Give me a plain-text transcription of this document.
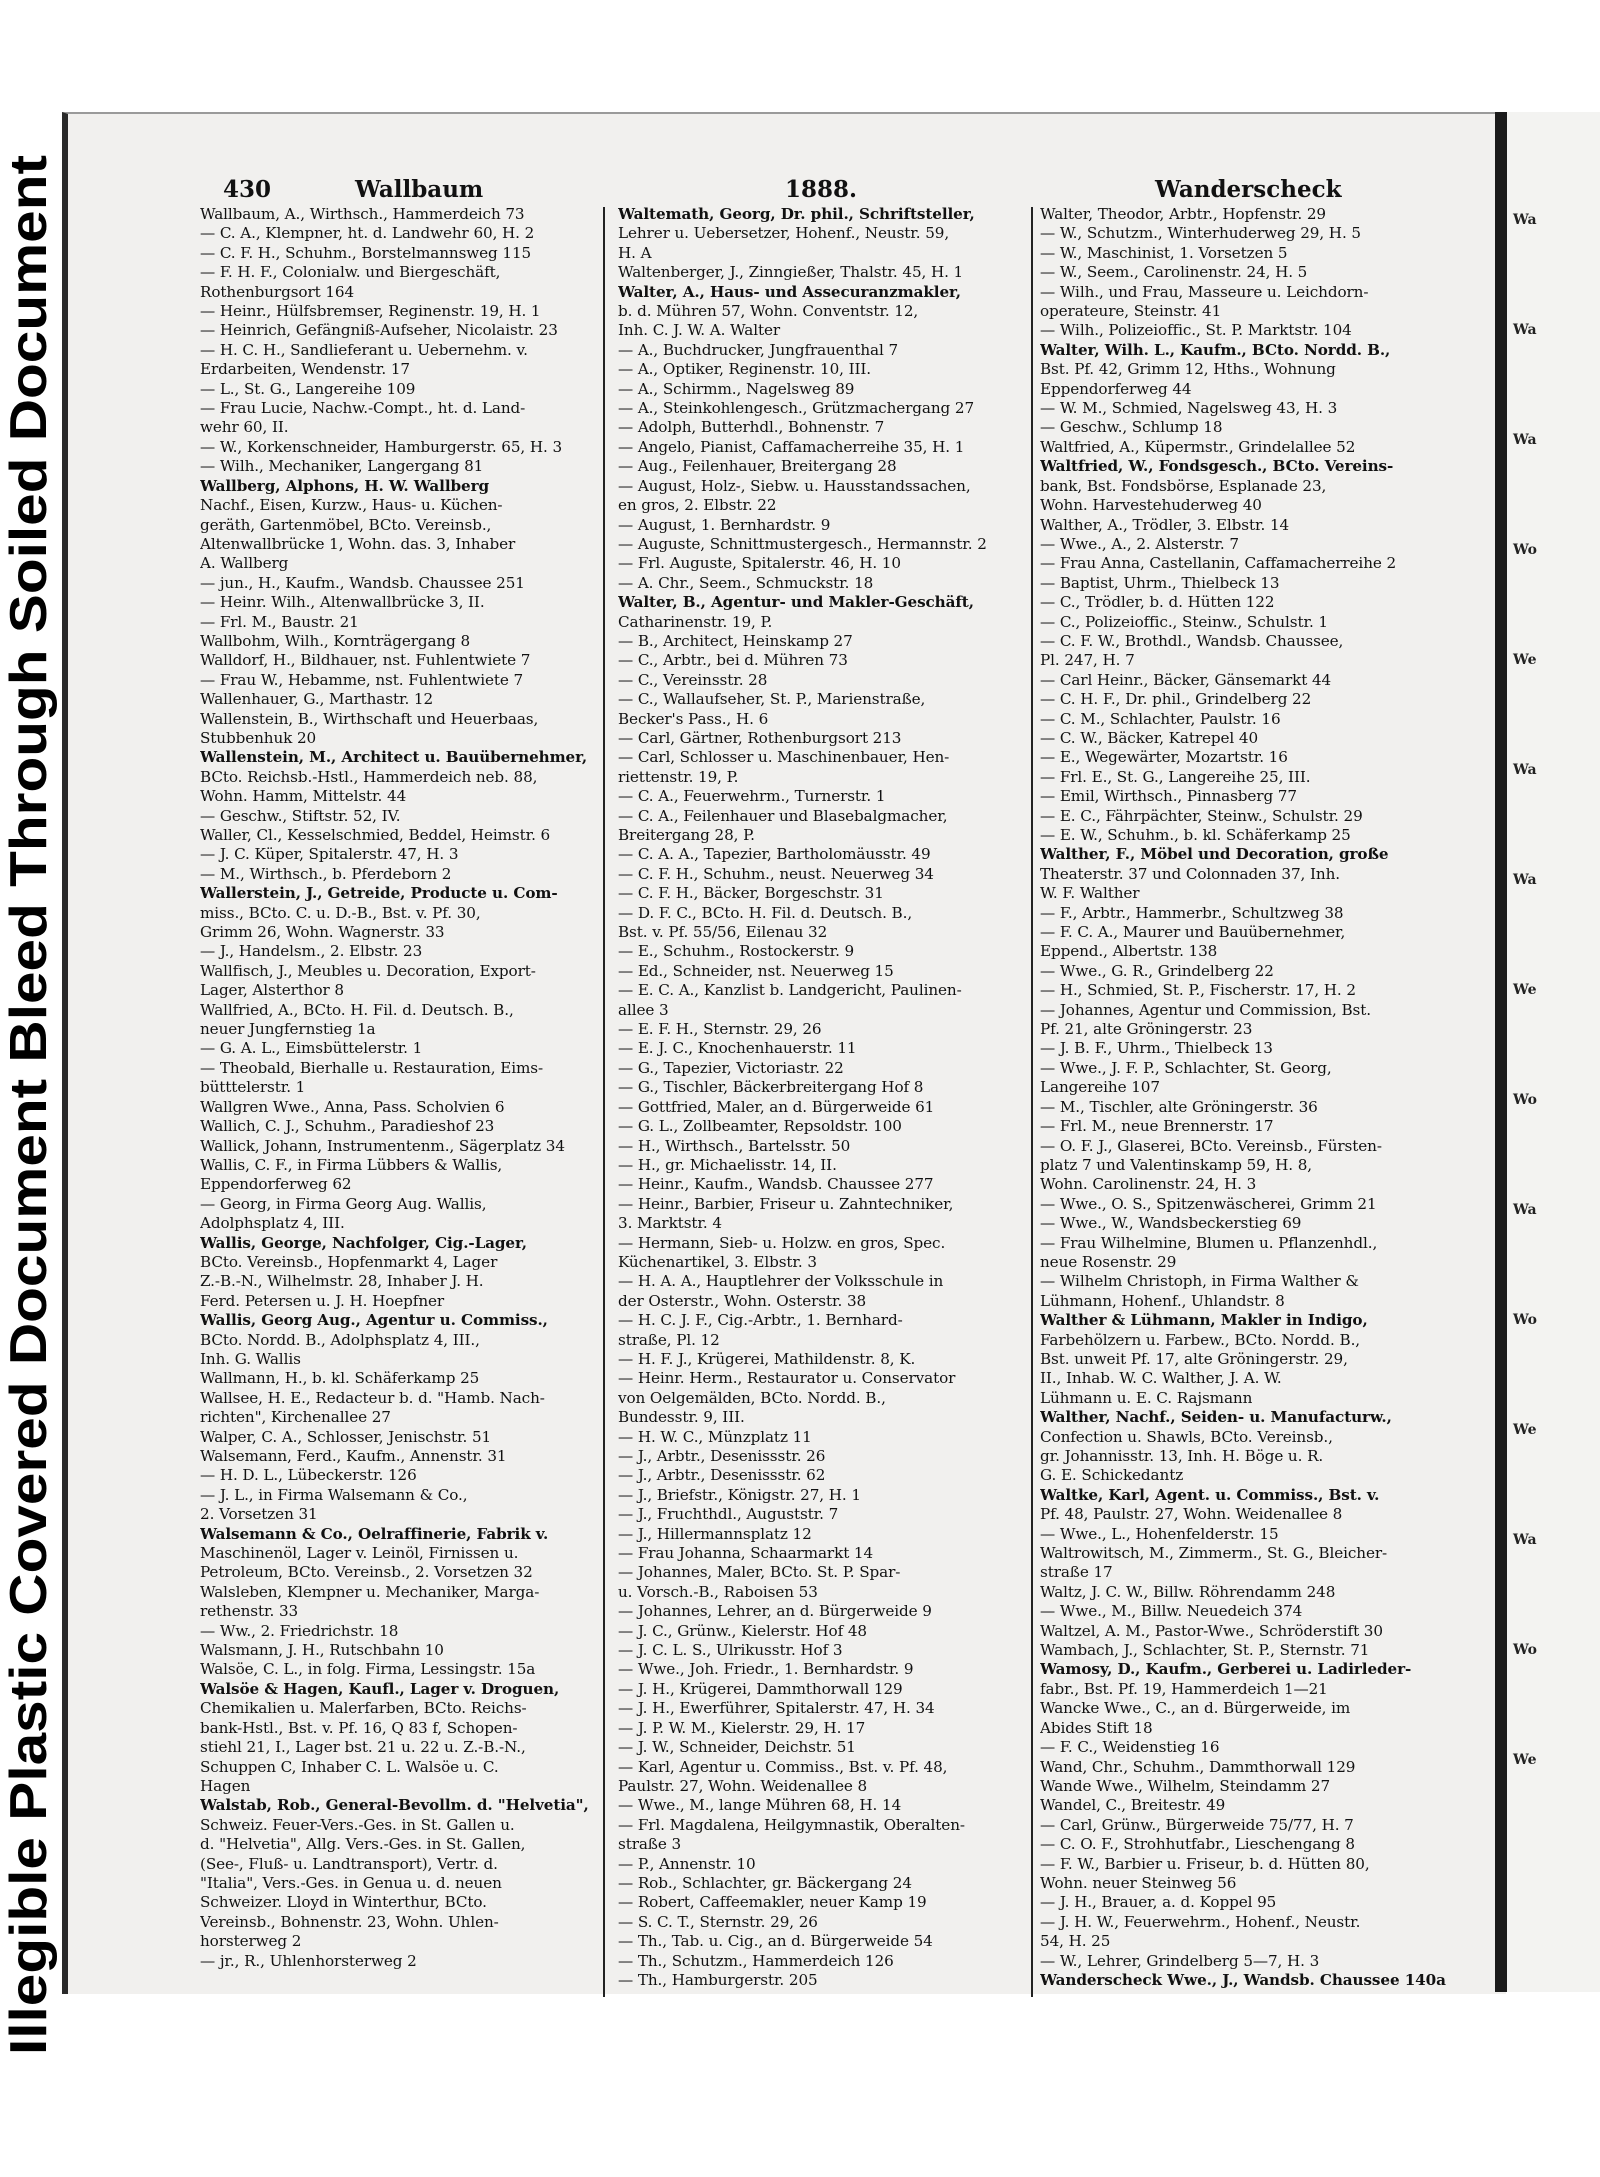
Illegible Plastic Covered Document Bleed Through Soiled Document
Wa
Wa
Wa
Wo
We
Wa
Wa
We
Wo
Wa
Wo
We
Wa
Wo
We
430	Wallbaum	1888.	Wanderscheck
Wallbaum, A., Wirthsch., Hammerdeich 73
— C. A., Klempner, ht. d. Landwehr 60, H. 2
— C. F. H., Schuhm., Borstelmannsweg 115
— F. H. F., Colonialw. und Biergeschäft,
Rothenburgsort 164
— Heinr., Hülfsbremser, Reginenstr. 19, H. 1
— Heinrich, Gefängniß-Aufseher, Nicolaistr. 23
— H. C. H., Sandlieferant u. Uebernehm. v.
Erdarbeiten, Wendenstr. 17
— L., St. G., Langereihe 109
— Frau Lucie, Nachw.-Compt., ht. d. Land-
wehr 60, II.
— W., Korkenschneider, Hamburgerstr. 65, H. 3
— Wilh., Mechaniker, Langergang 81
Wallberg, Alphons, H. W. Wallberg
Nachf., Eisen, Kurzw., Haus- u. Küchen-
geräth, Gartenmöbel, BCto. Vereinsb.,
Altenwallbrücke 1, Wohn. das. 3, Inhaber
A. Wallberg
— jun., H., Kaufm., Wandsb. Chaussee 251
— Heinr. Wilh., Altenwallbrücke 3, II.
— Frl. M., Baustr. 21
Wallbohm, Wilh., Kornträgergang 8
Walldorf, H., Bildhauer, nst. Fuhlentwiete 7
— Frau W., Hebamme, nst. Fuhlentwiete 7
Wallenhauer, G., Marthastr. 12
Wallenstein, B., Wirthschaft und Heuerbaas,
Stubbenhuk 20
Wallenstein, M., Architect u. Bauübernehmer,
BCto. Reichsb.-Hstl., Hammerdeich neb. 88,
Wohn. Hamm, Mittelstr. 44
— Geschw., Stiftstr. 52, IV.
Waller, Cl., Kesselschmied, Beddel, Heimstr. 6
— J. C. Küper, Spitalerstr. 47, H. 3
— M., Wirthsch., b. Pferdeborn 2
Wallerstein, J., Getreide, Producte u. Com-
miss., BCto. C. u. D.-B., Bst. v. Pf. 30,
Grimm 26, Wohn. Wagnerstr. 33
— J., Handelsm., 2. Elbstr. 23
Wallfisch, J., Meubles u. Decoration, Export-
Lager, Alsterthor 8
Wallfried, A., BCto. H. Fil. d. Deutsch. B.,
neuer Jungfernstieg 1a
— G. A. L., Eimsbüttelerstr. 1
— Theobald, Bierhalle u. Restauration, Eims-
bütttelerstr. 1
Wallgren Wwe., Anna, Pass. Scholvien 6
Wallich, C. J., Schuhm., Paradieshof 23
Wallick, Johann, Instrumentenm., Sägerplatz 34
Wallis, C. F., in Firma Lübbers & Wallis,
Eppendorferweg 62
— Georg, in Firma Georg Aug. Wallis,
Adolphsplatz 4, III.
Wallis, George, Nachfolger, Cig.-Lager,
BCto. Vereinsb., Hopfenmarkt 4, Lager
Z.-B.-N., Wilhelmstr. 28, Inhaber J. H.
Ferd. Petersen u. J. H. Hoepfner
Wallis, Georg Aug., Agentur u. Commiss.,
BCto. Nordd. B., Adolphsplatz 4, III.,
Inh. G. Wallis
Wallmann, H., b. kl. Schäferkamp 25
Wallsee, H. E., Redacteur b. d. "Hamb. Nach-
richten", Kirchenallee 27
Walper, C. A., Schlosser, Jenischstr. 51
Walsemann, Ferd., Kaufm., Annenstr. 31
— H. D. L., Lübeckerstr. 126
— J. L., in Firma Walsemann & Co.,
2. Vorsetzen 31
Walsemann & Co., Oelraffinerie, Fabrik v.
Maschinenöl, Lager v. Leinöl, Firnissen u.
Petroleum, BCto. Vereinsb., 2. Vorsetzen 32
Walsleben, Klempner u. Mechaniker, Marga-
rethenstr. 33
— Ww., 2. Friedrichstr. 18
Walsmann, J. H., Rutschbahn 10
Walsöe, C. L., in folg. Firma, Lessingstr. 15a
Walsöe & Hagen, Kaufl., Lager v. Droguen,
Chemikalien u. Malerfarben, BCto. Reichs-
bank-Hstl., Bst. v. Pf. 16, Q 83 f, Schopen-
stiehl 21, I., Lager bst. 21 u. 22 u. Z.-B.-N.,
Schuppen C, Inhaber C. L. Walsöe u. C.
Hagen
Walstab, Rob., General-Bevollm. d. "Helvetia",
Schweiz. Feuer-Vers.-Ges. in St. Gallen u.
d. "Helvetia", Allg. Vers.-Ges. in St. Gallen,
(See-, Fluß- u. Landtransport), Vertr. d.
"Italia", Vers.-Ges. in Genua u. d. neuen
Schweizer. Lloyd in Winterthur, BCto.
Vereinsb., Bohnenstr. 23, Wohn. Uhlen-
horsterweg 2
— jr., R., Uhlenhorsterweg 2
Waltemath, Georg, Dr. phil., Schriftsteller,
Lehrer u. Uebersetzer, Hohenf., Neustr. 59,
H. A
Waltenberger, J., Zinngießer, Thalstr. 45, H. 1
Walter, A., Haus- und Assecuranzmakler,
b. d. Mühren 57, Wohn. Conventstr. 12,
Inh. C. J. W. A. Walter
— A., Buchdrucker, Jungfrauenthal 7
— A., Optiker, Reginenstr. 10, III.
— A., Schirmm., Nagelsweg 89
— A., Steinkohlengesch., Grützmachergang 27
— Adolph, Butterhdl., Bohnenstr. 7
— Angelo, Pianist, Caffamacherreihe 35, H. 1
— Aug., Feilenhauer, Breitergang 28
— August, Holz-, Siebw. u. Hausstandssachen,
en gros, 2. Elbstr. 22
— August, 1. Bernhardstr. 9
— Auguste, Schnittmustergesch., Hermannstr. 2
— Frl. Auguste, Spitalerstr. 46, H. 10
— A. Chr., Seem., Schmuckstr. 18
Walter, B., Agentur- und Makler-Geschäft,
Catharinenstr. 19, P.
— B., Architect, Heinskamp 27
— C., Arbtr., bei d. Mühren 73
— C., Vereinsstr. 28
— C., Wallaufseher, St. P., Marienstraße,
Becker's Pass., H. 6
— Carl, Gärtner, Rothenburgsort 213
— Carl, Schlosser u. Maschinenbauer, Hen-
riettenstr. 19, P.
— C. A., Feuerwehrm., Turnerstr. 1
— C. A., Feilenhauer und Blasebalgmacher,
Breitergang 28, P.
— C. A. A., Tapezier, Bartholomäusstr. 49
— C. F. H., Schuhm., neust. Neuerweg 34
— C. F. H., Bäcker, Borgeschstr. 31
— D. F. C., BCto. H. Fil. d. Deutsch. B.,
Bst. v. Pf. 55/56, Eilenau 32
— E., Schuhm., Rostockerstr. 9
— Ed., Schneider, nst. Neuerweg 15
— E. C. A., Kanzlist b. Landgericht, Paulinen-
allee 3
— E. F. H., Sternstr. 29, 26
— E. J. C., Knochenhauerstr. 11
— G., Tapezier, Victoriastr. 22
— G., Tischler, Bäckerbreitergang Hof 8
— Gottfried, Maler, an d. Bürgerweide 61
— G. L., Zollbeamter, Repsoldstr. 100
— H., Wirthsch., Bartelsstr. 50
— H., gr. Michaelisstr. 14, II.
— Heinr., Kaufm., Wandsb. Chaussee 277
— Heinr., Barbier, Friseur u. Zahntechniker,
3. Marktstr. 4
— Hermann, Sieb- u. Holzw. en gros, Spec.
Küchenartikel, 3. Elbstr. 3
— H. A. A., Hauptlehrer der Volksschule in
der Osterstr., Wohn. Osterstr. 38
— H. C. J. F., Cig.-Arbtr., 1. Bernhard-
straße, Pl. 12
— H. F. J., Krügerei, Mathildenstr. 8, K.
— Heinr. Herm., Restaurator u. Conservator
von Oelgemälden, BCto. Nordd. B.,
Bundesstr. 9, III.
— H. W. C., Münzplatz 11
— J., Arbtr., Desenissstr. 26
— J., Arbtr., Desenissstr. 62
— J., Briefstr., Königstr. 27, H. 1
— J., Fruchthdl., Auguststr. 7
— J., Hillermannsplatz 12
— Frau Johanna, Schaarmarkt 14
— Johannes, Maler, BCto. St. P. Spar-
u. Vorsch.-B., Raboisen 53
— Johannes, Lehrer, an d. Bürgerweide 9
— J. C., Grünw., Kielerstr. Hof 48
— J. C. L. S., Ulrikusstr. Hof 3
— Wwe., Joh. Friedr., 1. Bernhardstr. 9
— J. H., Krügerei, Dammthorwall 129
— J. H., Ewerführer, Spitalerstr. 47, H. 34
— J. P. W. M., Kielerstr. 29, H. 17
— J. W., Schneider, Deichstr. 51
— Karl, Agentur u. Commiss., Bst. v. Pf. 48,
Paulstr. 27, Wohn. Weidenallee 8
— Wwe., M., lange Mühren 68, H. 14
— Frl. Magdalena, Heilgymnastik, Oberalten-
straße 3
— P., Annenstr. 10
— Rob., Schlachter, gr. Bäckergang 24
— Robert, Caffeemakler, neuer Kamp 19
— S. C. T., Sternstr. 29, 26
— Th., Tab. u. Cig., an d. Bürgerweide 54
— Th., Schutzm., Hammerdeich 126
— Th., Hamburgerstr. 205
Walter, Theodor, Arbtr., Hopfenstr. 29
— W., Schutzm., Winterhuderweg 29, H. 5
— W., Maschinist, 1. Vorsetzen 5
— W., Seem., Carolinenstr. 24, H. 5
— Wilh., und Frau, Masseure u. Leichdorn-
operateure, Steinstr. 41
— Wilh., Polizeioffic., St. P. Marktstr. 104
Walter, Wilh. L., Kaufm., BCto. Nordd. B.,
Bst. Pf. 42, Grimm 12, Hths., Wohnung
Eppendorferweg 44
— W. M., Schmied, Nagelsweg 43, H. 3
— Geschw., Schlump 18
Waltfried, A., Küpermstr., Grindelallee 52
Waltfried, W., Fondsgesch., BCto. Vereins-
bank, Bst. Fondsbörse, Esplanade 23,
Wohn. Harvestehuderweg 40
Walther, A., Trödler, 3. Elbstr. 14
— Wwe., A., 2. Alsterstr. 7
— Frau Anna, Castellanin, Caffamacherreihe 2
— Baptist, Uhrm., Thielbeck 13
— C., Trödler, b. d. Hütten 122
— C., Polizeioffic., Steinw., Schulstr. 1
— C. F. W., Brothdl., Wandsb. Chaussee,
Pl. 247, H. 7
— Carl Heinr., Bäcker, Gänsemarkt 44
— C. H. F., Dr. phil., Grindelberg 22
— C. M., Schlachter, Paulstr. 16
— C. W., Bäcker, Katrepel 40
— E., Wegewärter, Mozartstr. 16
— Frl. E., St. G., Langereihe 25, III.
— Emil, Wirthsch., Pinnasberg 77
— E. C., Fährpächter, Steinw., Schulstr. 29
— E. W., Schuhm., b. kl. Schäferkamp 25
Walther, F., Möbel und Decoration, große
Theaterstr. 37 und Colonnaden 37, Inh.
W. F. Walther
— F., Arbtr., Hammerbr., Schultzweg 38
— F. C. A., Maurer und Bauübernehmer,
Eppend., Albertstr. 138
— Wwe., G. R., Grindelberg 22
— H., Schmied, St. P., Fischerstr. 17, H. 2
— Johannes, Agentur und Commission, Bst.
Pf. 21, alte Gröningerstr. 23
— J. B. F., Uhrm., Thielbeck 13
— Wwe., J. F. P., Schlachter, St. Georg,
Langereihe 107
— M., Tischler, alte Gröningerstr. 36
— Frl. M., neue Brennerstr. 17
— O. F. J., Glaserei, BCto. Vereinsb., Fürsten-
platz 7 und Valentinskamp 59, H. 8,
Wohn. Carolinenstr. 24, H. 3
— Wwe., O. S., Spitzenwäscherei, Grimm 21
— Wwe., W., Wandsbeckerstieg 69
— Frau Wilhelmine, Blumen u. Pflanzenhdl.,
neue Rosenstr. 29
— Wilhelm Christoph, in Firma Walther &
Lühmann, Hohenf., Uhlandstr. 8
Walther & Lühmann, Makler in Indigo,
Farbehölzern u. Farbew., BCto. Nordd. B.,
Bst. unweit Pf. 17, alte Gröningerstr. 29,
II., Inhab. W. C. Walther, J. A. W.
Lühmann u. E. C. Rajsmann
Walther, Nachf., Seiden- u. Manufacturw.,
Confection u. Shawls, BCto. Vereinsb.,
gr. Johannisstr. 13, Inh. H. Böge u. R.
G. E. Schickedantz
Waltke, Karl, Agent. u. Commiss., Bst. v.
Pf. 48, Paulstr. 27, Wohn. Weidenallee 8
— Wwe., L., Hohenfelderstr. 15
Waltrowitsch, M., Zimmerm., St. G., Bleicher-
straße 17
Waltz, J. C. W., Billw. Röhrendamm 248
— Wwe., M., Billw. Neuedeich 374
Waltzel, A. M., Pastor-Wwe., Schröderstift 30
Wambach, J., Schlachter, St. P., Sternstr. 71
Wamosy, D., Kaufm., Gerberei u. Ladirleder-
fabr., Bst. Pf. 19, Hammerdeich 1—21
Wancke Wwe., C., an d. Bürgerweide, im
Abides Stift 18
— F. C., Weidenstieg 16
Wand, Chr., Schuhm., Dammthorwall 129
Wande Wwe., Wilhelm, Steindamm 27
Wandel, C., Breitestr. 49
— Carl, Grünw., Bürgerweide 75/77, H. 7
— C. O. F., Strohhutfabr., Lieschengang 8
— F. W., Barbier u. Friseur, b. d. Hütten 80,
Wohn. neuer Steinweg 56
— J. H., Brauer, a. d. Koppel 95
— J. H. W., Feuerwehrm., Hohenf., Neustr.
54, H. 25
— W., Lehrer, Grindelberg 5—7, H. 3
Wanderscheck Wwe., J., Wandsb. Chaussee 140a
